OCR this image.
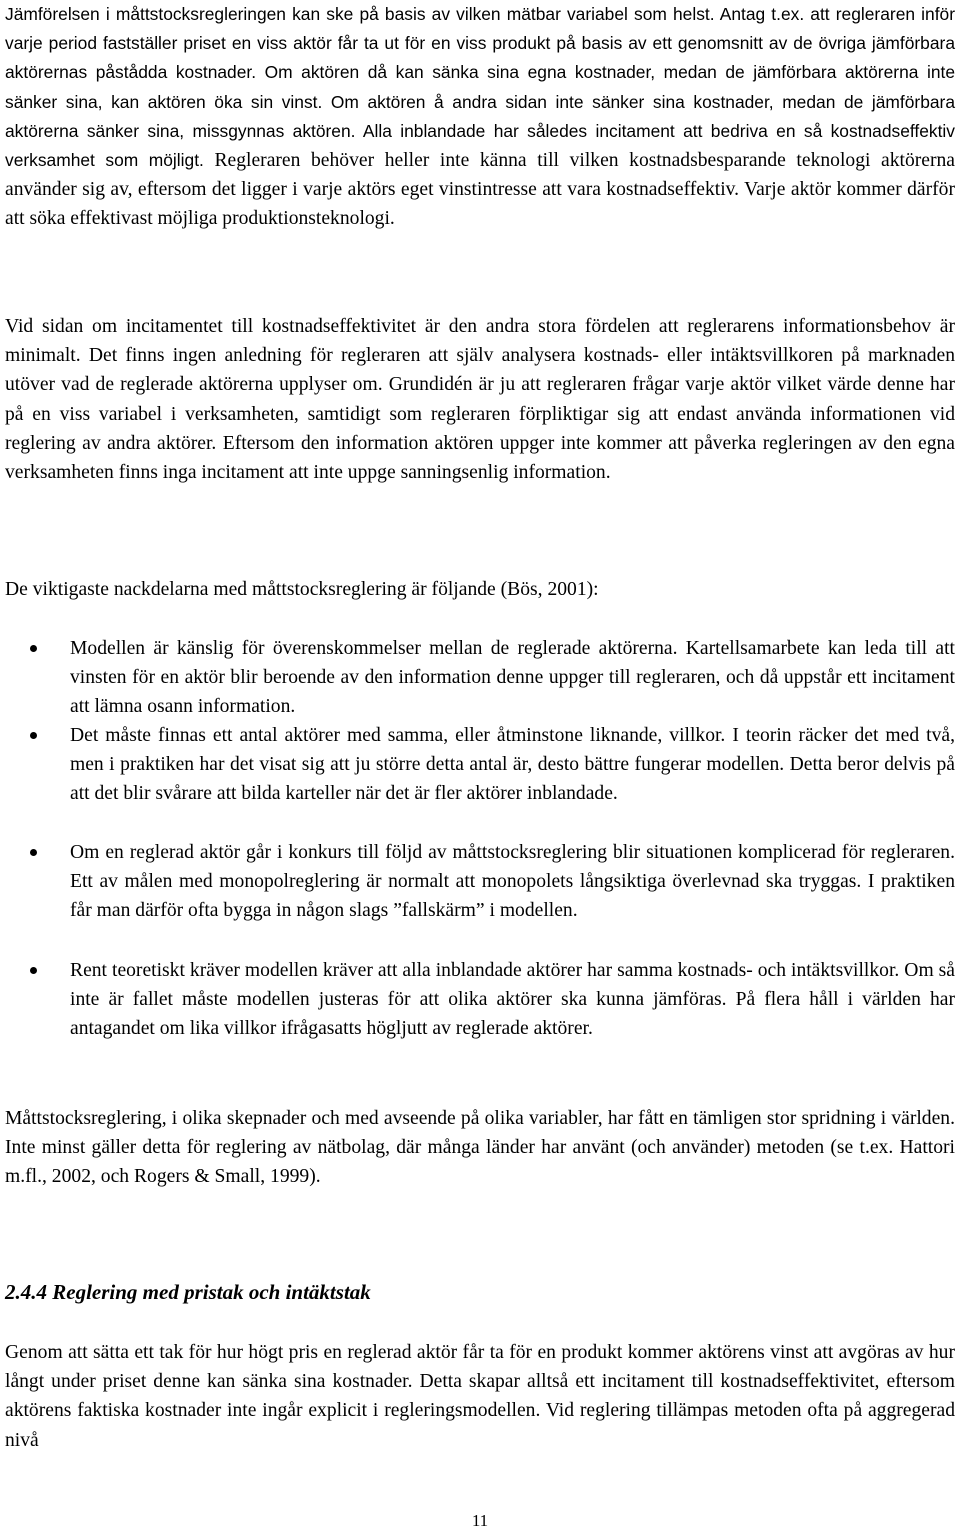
Jämförelsen i måttstocksregleringen kan ske på basis av vilken mätbar variabel som helst. Antag t.ex. att regleraren inför varje period fastställer priset en viss aktör får ta ut för en viss produkt på basis av ett genomsnitt av de övriga jämförbara aktörernas påstådda kostnader. Om aktören då kan sänka sina egna kostnader, medan de jämförbara aktörerna inte sänker sina, kan aktören öka sin vinst. Om aktören å andra sidan inte sänker sina kostnader, medan de jämförbara aktörerna sänker sina, missgynnas aktören. Alla inblandade har således incitament att bedriva en så kostnadseffektiv verksamhet som möjligt. Regleraren behöver heller inte känna till vilken kostnadsbesparande teknologi aktörerna använder sig av, eftersom det ligger i varje aktörs eget vinstintresse att vara kostnadseffektiv. Varje aktör kommer därför att söka effektivast möjliga produktionsteknologi.

Vid sidan om incitamentet till kostnadseffektivitet är den andra stora fördelen att reglerarens informationsbehov är minimalt. Det finns ingen anledning för regleraren att själv analysera kostnads- eller intäktsvillkoren på marknaden utöver vad de reglerade aktörerna upplyser om. Grundidén är ju att regleraren frågar varje aktör vilket värde denne har på en viss variabel i verksamheten, samtidigt som regleraren förpliktigar sig att endast använda informationen vid reglering av andra aktörer. Eftersom den information aktören uppger inte kommer att påverka regleringen av den egna verksamheten finns inga incitament att inte uppge sanningsenlig information.

De viktigaste nackdelarna med måttstocksreglering är följande (Bös, 2001):

Modellen är känslig för överenskommelser mellan de reglerade aktörerna. Kartellsamarbete kan leda till att vinsten för en aktör blir beroende av den information denne uppger till regleraren, och då uppstår ett incitament att lämna osann information.

Det måste finnas ett antal aktörer med samma, eller åtminstone liknande, villkor. I teorin räcker det med två, men i praktiken har det visat sig att ju större detta antal är, desto bättre fungerar modellen. Detta beror delvis på att det blir svårare att bilda karteller när det är fler aktörer inblandade.

Om en reglerad aktör går i konkurs till följd av måttstocksreglering blir situationen komplicerad för regleraren. Ett av målen med monopolreglering är normalt att monopolets långsiktiga överlevnad ska tryggas. I praktiken får man därför ofta bygga in någon slags ”fallskärm” i modellen.

Rent teoretiskt kräver modellen kräver att alla inblandade aktörer har samma kostnads- och intäktsvillkor. Om så inte är fallet måste modellen justeras för att olika aktörer ska kunna jämföras. På flera håll i världen har antagandet om lika villkor ifrågasatts högljutt av reglerade aktörer.

Måttstocksreglering, i olika skepnader och med avseende på olika variabler, har fått en tämligen stor spridning i världen. Inte minst gäller detta för reglering av nätbolag, där många länder har använt (och använder) metoden (se t.ex. Hattori m.fl., 2002, och Rogers & Small, 1999).

2.4.4 Reglering med pristak och intäktstak

Genom att sätta ett tak för hur högt pris en reglerad aktör får ta för en produkt kommer aktörens vinst att avgöras av hur långt under priset denne kan sänka sina kostnader. Detta skapar alltså ett incitament till kostnadseffektivitet, eftersom aktörens faktiska kostnader inte ingår explicit i regleringsmodellen. Vid reglering tillämpas metoden ofta på aggregerad nivå

11
